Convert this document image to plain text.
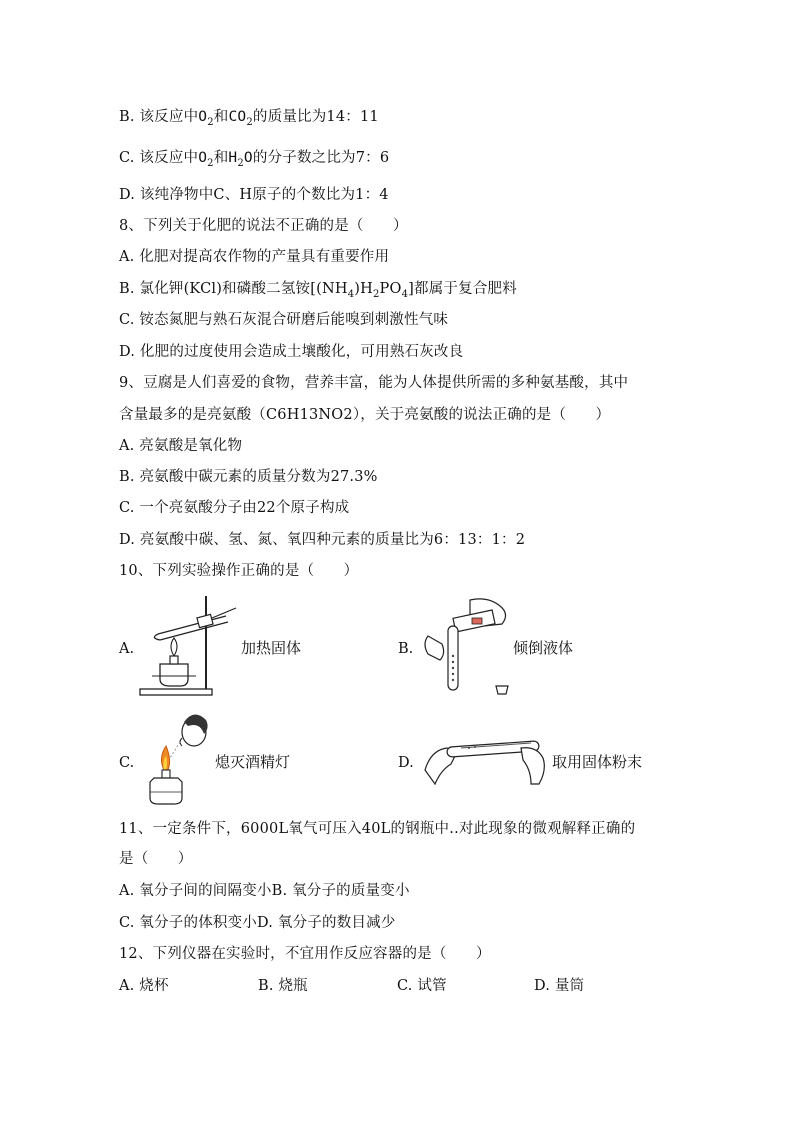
B. 该反应中$O_2$和$CO_2$的质量比为14：11
C. 该反应中$O_2$和$H_2O$的分子数之比为7：6
D. 该纯净物中C、H原子的个数比为1：4
8、下列关于化肥的说法不正确的是（　　）
A. 化肥对提高农作物的产量具有重要作用
B. 氯化钾(KCl)和磷酸二氢铵$[(NH_4)H_2PO_4]$都属于复合肥料
C. 铵态氮肥与熟石灰混合研磨后能嗅到刺激性气味
D. 化肥的过度使用会造成土壤酸化，可用熟石灰改良
9、豆腐是人们喜爱的食物，营养丰富，能为人体提供所需的多种氨基酸，其中
含量最多的是亮氨酸（C6H13NO2），关于亮氨酸的说法正确的是（　　）
A. 亮氨酸是氧化物
B. 亮氨酸中碳元素的质量分数为27.3%
C. 一个亮氨酸分子由22个原子构成
D. 亮氨酸中碳、氢、氮、氧四种元素的质量比为6：13：1：2
10、下列实验操作正确的是（　　）
A.	加热固体	B.	倾倒液体
C.	熄灭酒精灯	D.	取用固体粉末
11、一定条件下，6000L氧气可压入40L的钢瓶中..对此现象的微观解释正确的
是（　　）
A. 氧分子间的间隔变小B. 氧分子的质量变小
C. 氧分子的体积变小D. 氧分子的数目减少
12、下列仪器在实验时，不宜用作反应容器的是（　　）
A. 烧杯	B. 烧瓶	C. 试管	D. 量筒
